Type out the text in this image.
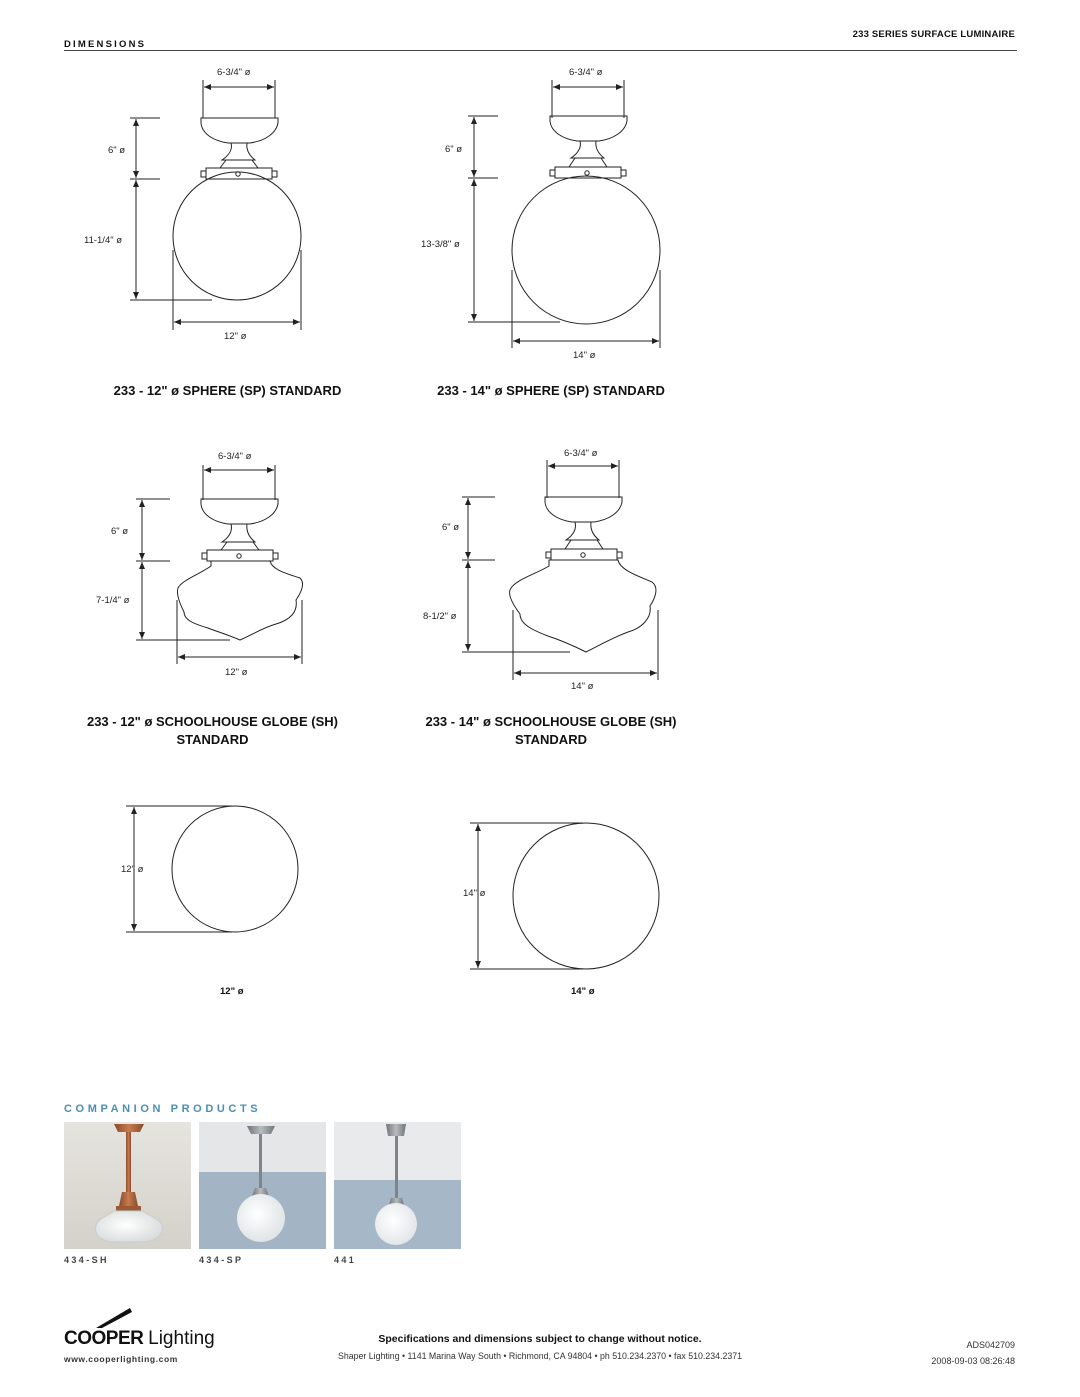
233 SERIES SURFACE LUMINAIRE
DIMENSIONS
6-3/4" ø
6" ø
11-1/4" ø
12" ø
233 - 12" ø SPHERE (SP) STANDARD
6-3/4" ø
6" ø
13-3/8" ø
14" ø
233 - 14" ø SPHERE (SP) STANDARD
6-3/4" ø
6" ø
7-1/4" ø
12" ø
233 - 12" ø SCHOOLHOUSE GLOBE (SH)
STANDARD
6-3/4" ø
6" ø
8-1/2" ø
14" ø
233 - 14" ø SCHOOLHOUSE GLOBE (SH)
STANDARD
12" ø
12" ø
14" ø
14" ø
COMPANION PRODUCTS
434-SH	434-SP	441
COOPER Lighting
www.cooperlighting.com
Specifications and dimensions subject to change without notice.
Shaper Lighting • 1141 Marina Way South • Richmond, CA 94804 • ph 510.234.2370 • fax 510.234.2371
ADS042709
2008-09-03 08:26:48
